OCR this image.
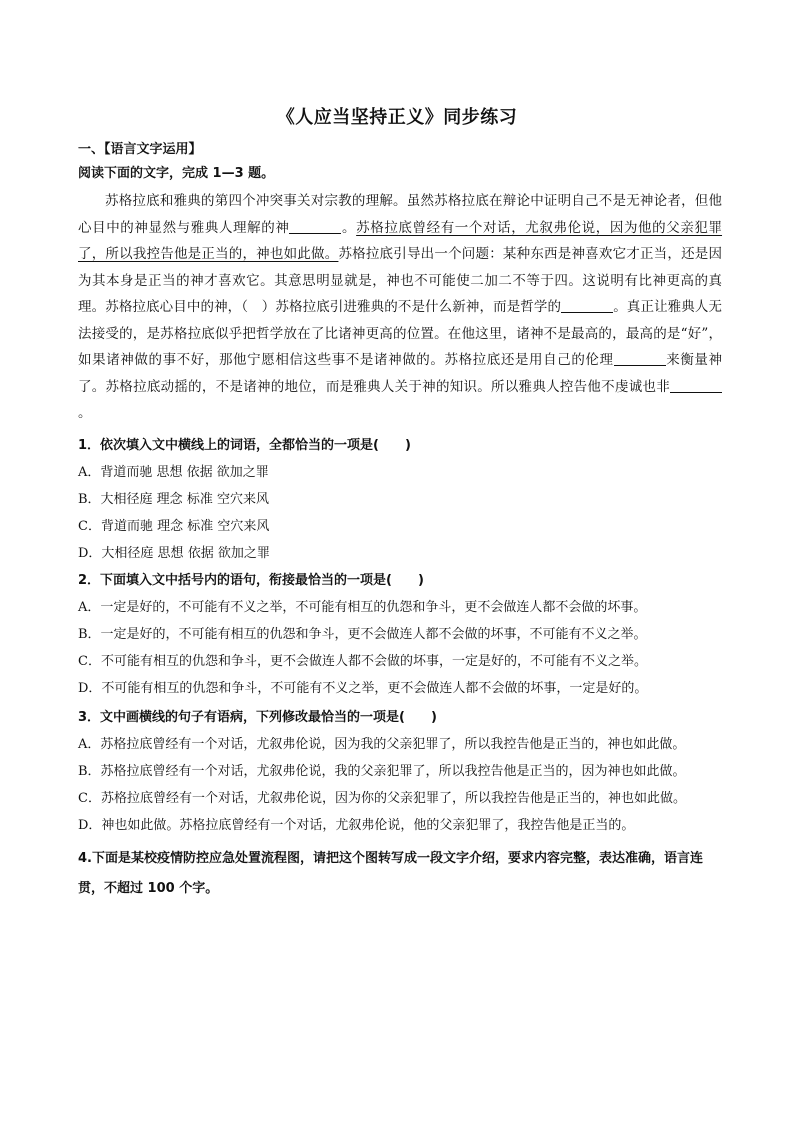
《人应当坚持正义》同步练习
一、【语言文字运用】
阅读下面的文字，完成 1—3 题。
苏格拉底和雅典的第四个冲突事关对宗教的理解。虽然苏格拉底在辩论中证明自己不是无神论者，但他心目中的神显然与雅典人理解的神	。苏格拉底曾经有一个对话，尤叙弗伦说，因为他的父亲犯罪了，所以我控告他是正当的，神也如此做。苏格拉底引导出一个问题：某种东西是神喜欢它才正当，还是因为其本身是正当的神才喜欢它。其意思明显就是，神也不可能使二加二不等于四。这说明有比神更高的真理。苏格拉底心目中的神，（　）苏格拉底引进雅典的不是什么新神，而是哲学的	。真正让雅典人无法接受的，是苏格拉底似乎把哲学放在了比诸神更高的位置。在他这里，诸神不是最高的，最高的是“好”，如果诸神做的事不好，那他宁愿相信这些事不是诸神做的。苏格拉底还是用自己的伦理	来衡量神了。苏格拉底动摇的，不是诸神的地位，而是雅典人关于神的知识。所以雅典人控告他不虔诚也非。
1．依次填入文中横线上的词语，全都恰当的一项是(　　)
A．背道而驰 思想 依据 欲加之罪
B．大相径庭 理念 标准 空穴来风
C．背道而驰 理念 标准 空穴来风
D．大相径庭 思想 依据 欲加之罪
2．下面填入文中括号内的语句，衔接最恰当的一项是(　　)
A．一定是好的，不可能有不义之举，不可能有相互的仇怨和争斗，更不会做连人都不会做的坏事。
B．一定是好的，不可能有相互的仇怨和争斗，更不会做连人都不会做的坏事，不可能有不义之举。
C．不可能有相互的仇怨和争斗，更不会做连人都不会做的坏事，一定是好的，不可能有不义之举。
D．不可能有相互的仇怨和争斗，不可能有不义之举，更不会做连人都不会做的坏事，一定是好的。
3．文中画横线的句子有语病，下列修改最恰当的一项是(　　)
A．苏格拉底曾经有一个对话，尤叙弗伦说，因为我的父亲犯罪了，所以我控告他是正当的，神也如此做。
B．苏格拉底曾经有一个对话，尤叙弗伦说，我的父亲犯罪了，所以我控告他是正当的，因为神也如此做。
C．苏格拉底曾经有一个对话，尤叙弗伦说，因为你的父亲犯罪了，所以我控告他是正当的，神也如此做。
D．神也如此做。苏格拉底曾经有一个对话，尤叙弗伦说，他的父亲犯罪了，我控告他是正当的。
4.下面是某校疫情防控应急处置流程图，请把这个图转写成一段文字介绍，要求内容完整，表达准确，语言连贯，不超过 100 个字。
